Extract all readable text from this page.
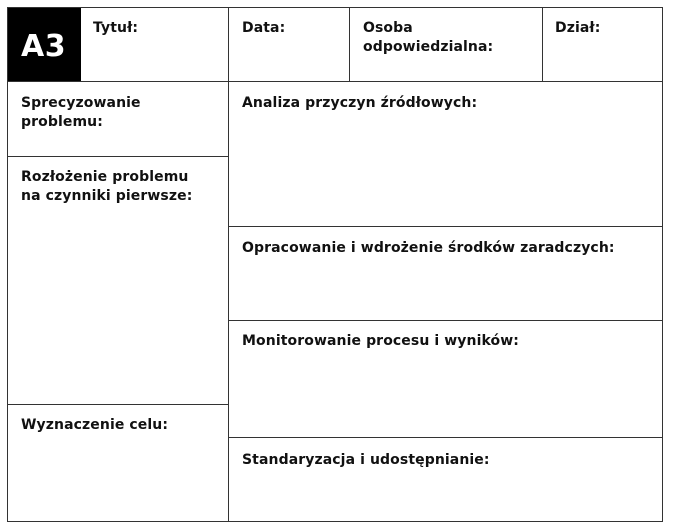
A3
Tytuł:	Data:	Osoba
odpowiedzialna:
Dział:
Sprecyzowanie
problemu:
Rozłożenie problemu
na czynniki pierwsze:
Wyznaczenie celu:
Analiza przyczyn źródłowych:
Opracowanie i wdrożenie środków zaradczych:
Monitorowanie procesu i wyników:
Standaryzacja i udostępnianie:
